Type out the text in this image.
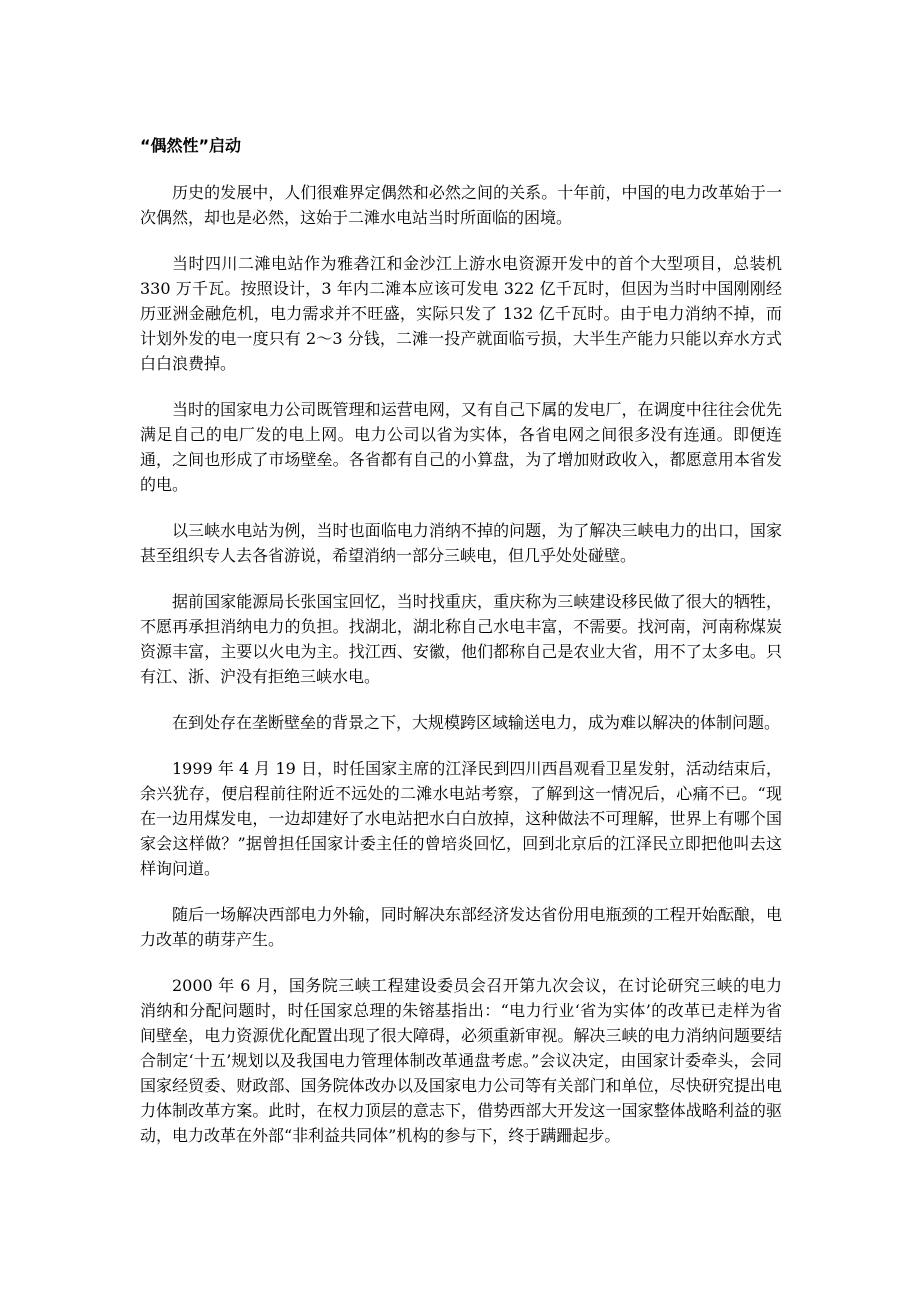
“偶然性”启动

历史的发展中，人们很难界定偶然和必然之间的关系。十年前，中国的电力改革始于一次偶然，却也是必然，这始于二滩水电站当时所面临的困境。

当时四川二滩电站作为雅砻江和金沙江上游水电资源开发中的首个大型项目，总装机 330 万千瓦。按照设计，3 年内二滩本应该可发电 322 亿千瓦时，但因为当时中国刚刚经历亚洲金融危机，电力需求并不旺盛，实际只发了 132 亿千瓦时。由于电力消纳不掉，而计划外发的电一度只有 2～3 分钱，二滩一投产就面临亏损，大半生产能力只能以弃水方式白白浪费掉。

当时的国家电力公司既管理和运营电网，又有自己下属的发电厂，在调度中往往会优先满足自己的电厂发的电上网。电力公司以省为实体，各省电网之间很多没有连通。即便连通，之间也形成了市场壁垒。各省都有自己的小算盘，为了增加财政收入，都愿意用本省发的电。

以三峡水电站为例，当时也面临电力消纳不掉的问题，为了解决三峡电力的出口，国家甚至组织专人去各省游说，希望消纳一部分三峡电，但几乎处处碰壁。

据前国家能源局长张国宝回忆，当时找重庆，重庆称为三峡建设移民做了很大的牺牲，不愿再承担消纳电力的负担。找湖北，湖北称自己水电丰富，不需要。找河南，河南称煤炭资源丰富，主要以火电为主。找江西、安徽，他们都称自己是农业大省，用不了太多电。只有江、浙、沪没有拒绝三峡水电。

在到处存在垄断壁垒的背景之下，大规模跨区域输送电力，成为难以解决的体制问题。

1999 年 4 月 19 日，时任国家主席的江泽民到四川西昌观看卫星发射，活动结束后，余兴犹存，便启程前往附近不远处的二滩水电站考察，了解到这一情况后，心痛不已。“现在一边用煤发电，一边却建好了水电站把水白白放掉，这种做法不可理解，世界上有哪个国家会这样做？”据曾担任国家计委主任的曾培炎回忆，回到北京后的江泽民立即把他叫去这样询问道。

随后一场解决西部电力外输，同时解决东部经济发达省份用电瓶颈的工程开始酝酿，电力改革的萌芽产生。

2000 年 6 月，国务院三峡工程建设委员会召开第九次会议，在讨论研究三峡的电力消纳和分配问题时，时任国家总理的朱镕基指出：“电力行业‘省为实体’的改革已走样为省间壁垒，电力资源优化配置出现了很大障碍，必须重新审视。解决三峡的电力消纳问题要结合制定‘十五’规划以及我国电力管理体制改革通盘考虑。”会议决定，由国家计委牵头，会同国家经贸委、财政部、国务院体改办以及国家电力公司等有关部门和单位，尽快研究提出电力体制改革方案。此时，在权力顶层的意志下，借势西部大开发这一国家整体战略利益的驱动，电力改革在外部“非利益共同体”机构的参与下，终于蹒跚起步。
